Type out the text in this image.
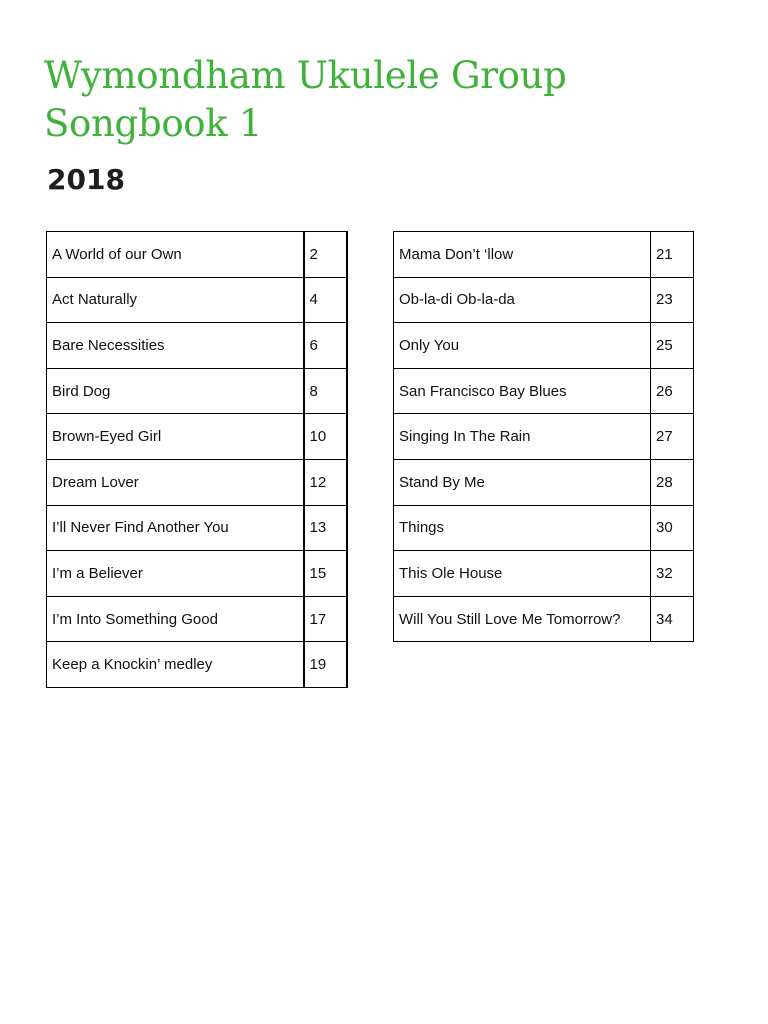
Wymondham Ukulele Group
Songbook 1
2018
A World of our Own	2
Act Naturally	4
Bare Necessities	6
Bird Dog	8
Brown-Eyed Girl	10
Dream Lover	12
I’ll Never Find Another You	13
I’m a Believer	15
I’m Into Something Good	17
Keep a Knockin’ medley	19
Mama Don’t ‘llow	21
Ob-la-di Ob-la-da	23
Only You	25
San Francisco Bay Blues	26
Singing In The Rain	27
Stand By Me	28
Things	30
This Ole House	32
Will You Still Love Me Tomorrow?	34
